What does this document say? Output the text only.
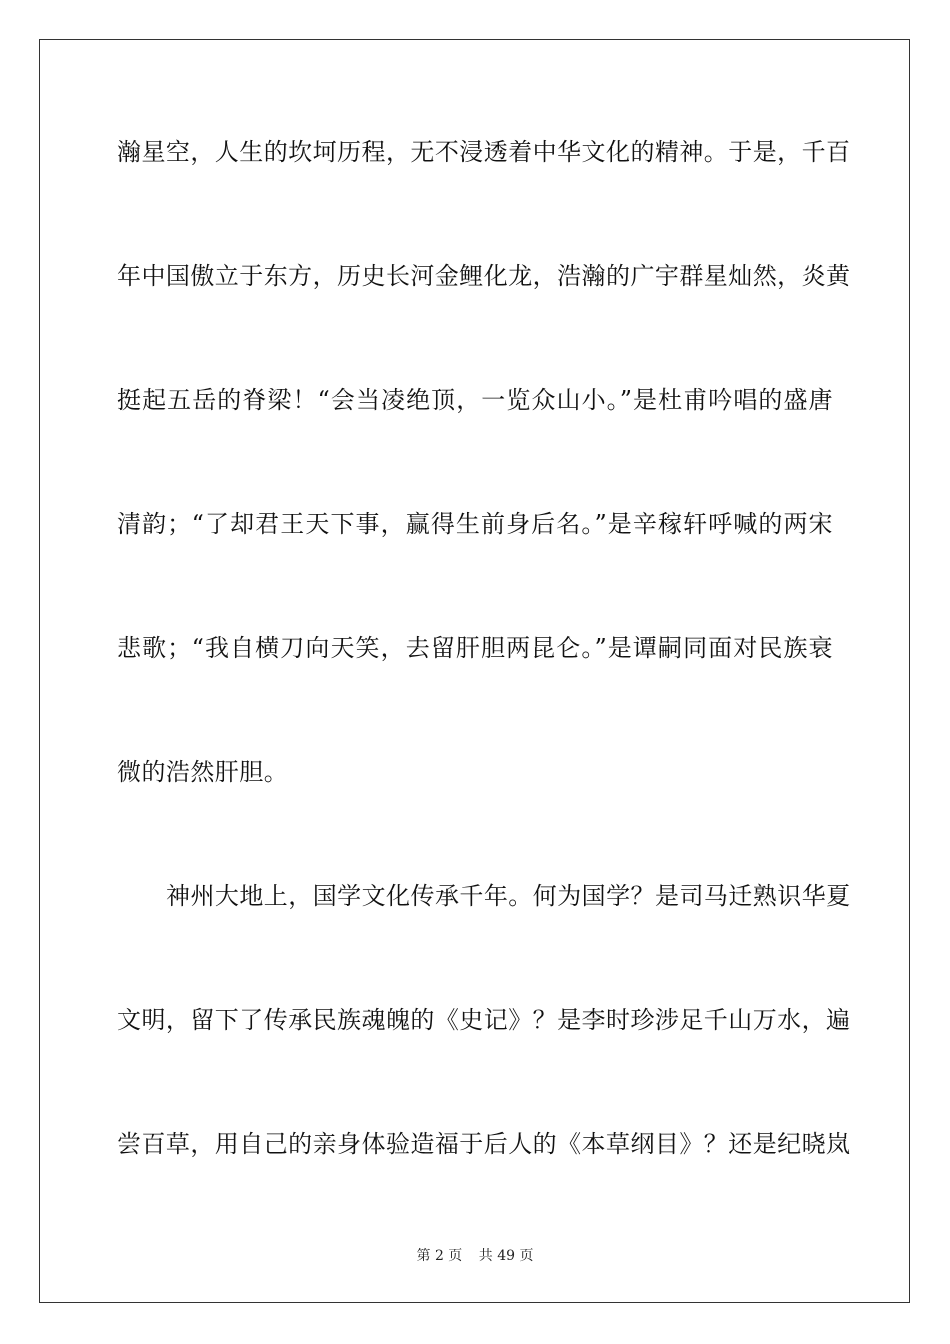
瀚星空，人生的坎坷历程，无不浸透着中华文化的精神。于是，千百
年中国傲立于东方，历史长河金鲤化龙，浩瀚的广宇群星灿然，炎黄
挺起五岳的脊梁！“会当凌绝顶，一览众山小。”是杜甫吟唱的盛唐
清韵；“了却君王天下事，赢得生前身后名。”是辛稼轩呼喊的两宋
悲歌；“我自横刀向天笑，去留肝胆两昆仑。”是谭嗣同面对民族衰
微的浩然肝胆。
神州大地上，国学文化传承千年。何为国学？是司马迁熟识华夏
文明，留下了传承民族魂魄的《史记》？是李时珍涉足千山万水，遍
尝百草，用自己的亲身体验造福于后人的《本草纲目》？还是纪晓岚
第 2 页 共 49 页
